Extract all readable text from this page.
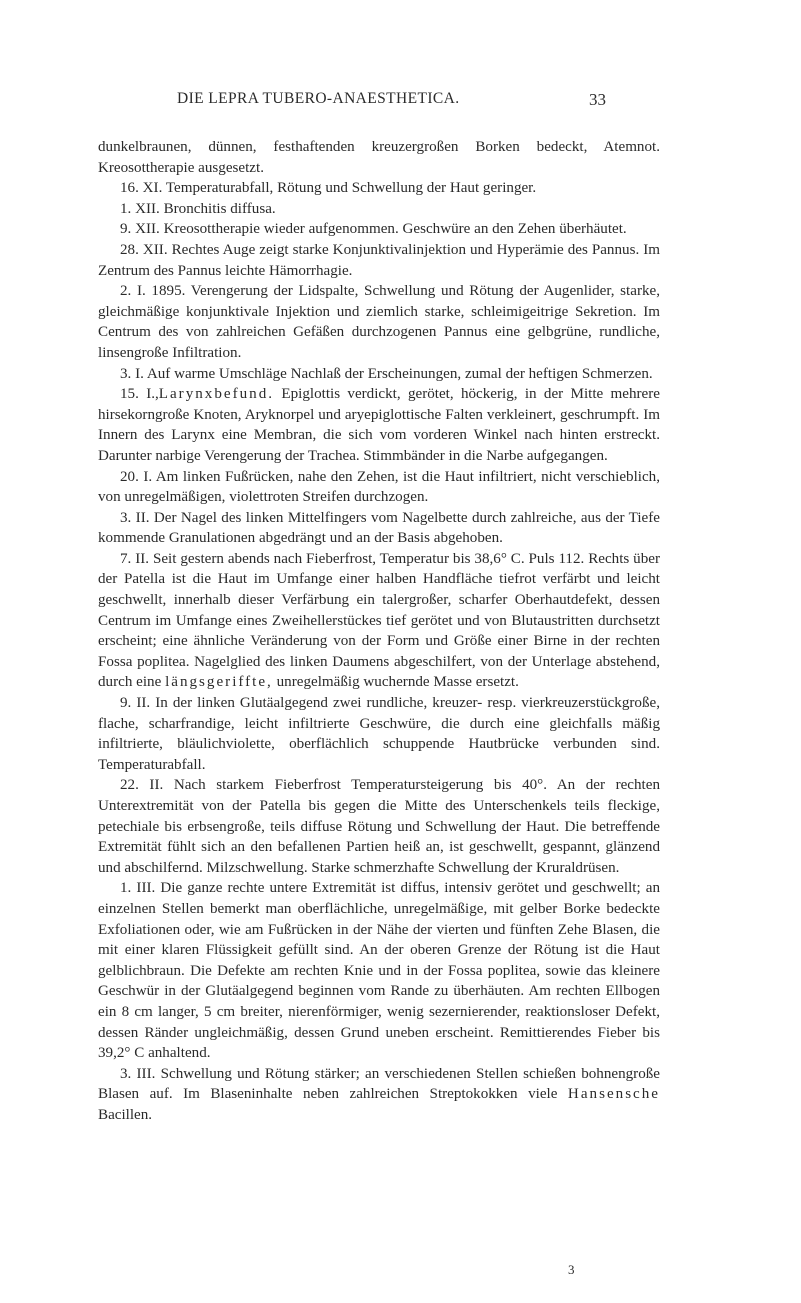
DIE LEPRA TUBERO-ANAESTHETICA.	33

dunkelbraunen, dünnen, festhaftenden kreuzergroßen Borken bedeckt, Atemnot. Kreosottherapie ausgesetzt.

16. XI. Temperaturabfall, Rötung und Schwellung der Haut geringer.

1. XII. Bronchitis diffusa.

9. XII. Kreosottherapie wieder aufgenommen. Geschwüre an den Zehen überhäutet.

28. XII. Rechtes Auge zeigt starke Konjunktivalinjektion und Hyperämie des Pannus. Im Zentrum des Pannus leichte Hämorrhagie.

2. I. 1895. Verengerung der Lidspalte, Schwellung und Rötung der Augenlider, starke, gleichmäßige konjunktivale Injektion und ziemlich starke, schleimigeitrige Sekretion. Im Centrum des von zahlreichen Gefäßen durchzogenen Pannus eine gelbgrüne, rundliche, linsengroße Infiltration.

3. I. Auf warme Umschläge Nachlaß der Erscheinungen, zumal der heftigen Schmerzen.

15. I.,Larynxbefund. Epiglottis verdickt, gerötet, höckerig, in der Mitte mehrere hirsekorngroße Knoten, Aryknorpel und aryepiglottische Falten verkleinert, geschrumpft. Im Innern des Larynx eine Membran, die sich vom vorderen Winkel nach hinten erstreckt. Darunter narbige Verengerung der Trachea. Stimmbänder in die Narbe aufgegangen.

20. I. Am linken Fußrücken, nahe den Zehen, ist die Haut infiltriert, nicht verschieblich, von unregelmäßigen, violettroten Streifen durchzogen.

3. II. Der Nagel des linken Mittelfingers vom Nagelbette durch zahlreiche, aus der Tiefe kommende Granulationen abgedrängt und an der Basis abgehoben.

7. II. Seit gestern abends nach Fieberfrost, Temperatur bis 38,6° C. Puls 112. Rechts über der Patella ist die Haut im Umfange einer halben Handfläche tiefrot verfärbt und leicht geschwellt, innerhalb dieser Verfärbung ein talergroßer, scharfer Oberhautdefekt, dessen Centrum im Umfange eines Zweihellerstückes tief gerötet und von Blutaustritten durchsetzt erscheint; eine ähnliche Veränderung von der Form und Größe einer Birne in der rechten Fossa poplitea. Nagelglied des linken Daumens abgeschilfert, von der Unterlage abstehend, durch eine längsgeriffte, unregelmäßig wuchernde Masse ersetzt.

9. II. In der linken Glutäalgegend zwei rundliche, kreuzer- resp. vierkreuzerstückgroße, flache, scharfrandige, leicht infiltrierte Geschwüre, die durch eine gleichfalls mäßig infiltrierte, bläulichviolette, oberflächlich schuppende Hautbrücke verbunden sind. Temperaturabfall.

22. II. Nach starkem Fieberfrost Temperatursteigerung bis 40°. An der rechten Unterextremität von der Patella bis gegen die Mitte des Unterschenkels teils fleckige, petechiale bis erbsengroße, teils diffuse Rötung und Schwellung der Haut. Die betreffende Extremität fühlt sich an den befallenen Partien heiß an, ist geschwellt, gespannt, glänzend und abschilfernd. Milzschwellung. Starke schmerzhafte Schwellung der Kruraldrüsen.

1. III. Die ganze rechte untere Extremität ist diffus, intensiv gerötet und geschwellt; an einzelnen Stellen bemerkt man oberflächliche, unregelmäßige, mit gelber Borke bedeckte Exfoliationen oder, wie am Fußrücken in der Nähe der vierten und fünften Zehe Blasen, die mit einer klaren Flüssigkeit gefüllt sind. An der oberen Grenze der Rötung ist die Haut gelblichbraun. Die Defekte am rechten Knie und in der Fossa poplitea, sowie das kleinere Geschwür in der Glutäalgegend beginnen vom Rande zu überhäuten. Am rechten Ellbogen ein 8 cm langer, 5 cm breiter, nierenförmiger, wenig sezernierender, reaktionsloser Defekt, dessen Ränder ungleichmäßig, dessen Grund uneben erscheint. Remittierendes Fieber bis 39,2° C anhaltend.

3. III. Schwellung und Rötung stärker; an verschiedenen Stellen schießen bohnengroße Blasen auf. Im Blaseninhalte neben zahlreichen Streptokokken viele Hansensche Bacillen.

3
